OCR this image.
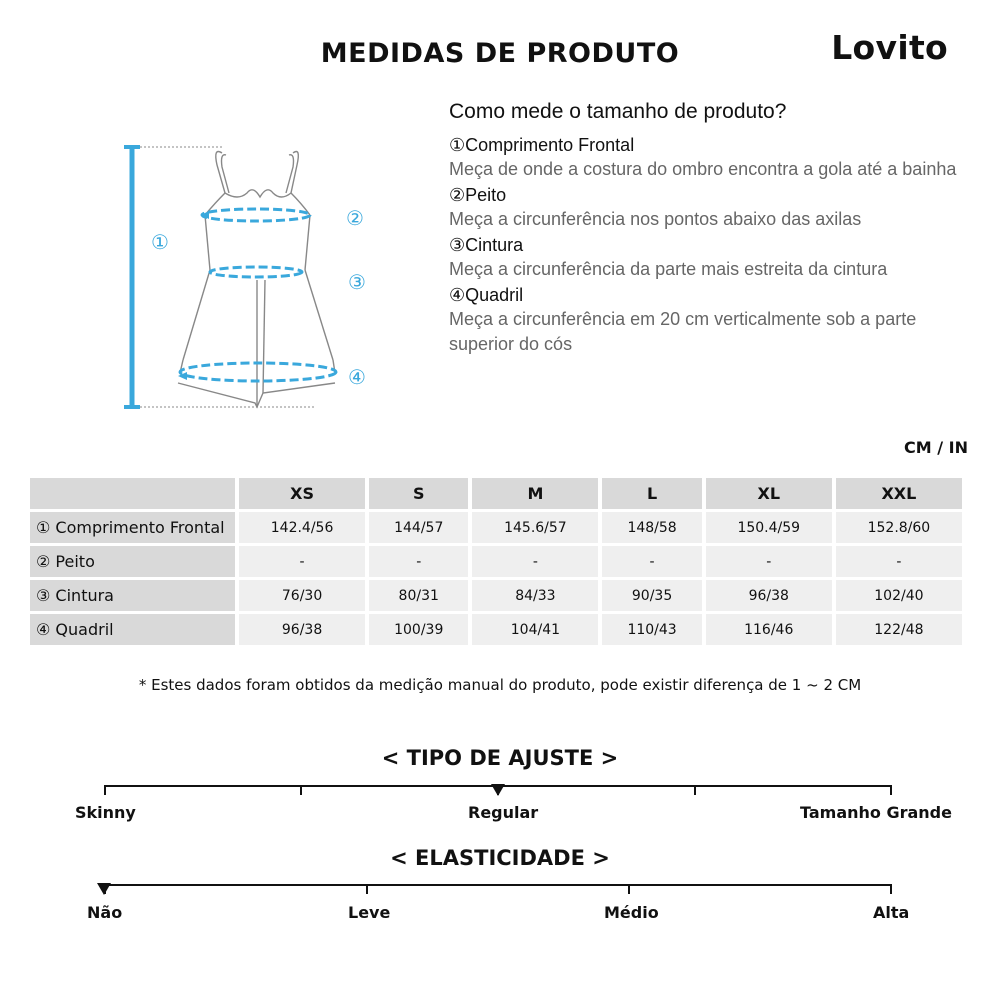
MEDIDAS DE PRODUTO	Lovito
①
②
③
④
Como mede o tamanho de produto?
①Comprimento Frontal
Meça de onde a costura do ombro encontra a gola até a bainha
②Peito
Meça a circunferência nos pontos abaixo das axilas
③Cintura
Meça a circunferência da parte mais estreita da cintura
④Quadril
Meça a circunferência em 20 cm verticalmente sob a parte superior do cós
CM / IN
	XS	S	M	L	XL	XXL
① Comprimento Frontal	142.4/56	144/57	145.6/57	148/58	150.4/59	152.8/60
② Peito	-	-	-	-	-	-
③ Cintura	76/30	80/31	84/33	90/35	96/38	102/40
④ Quadril	96/38	100/39	104/41	110/43	116/46	122/48
* Estes dados foram obtidos da medição manual do produto, pode existir diferença de 1 ~ 2 CM
< TIPO DE AJUSTE >
Skinny	Regular	Tamanho Grande
< ELASTICIDADE >
Não	Leve	Médio	Alta
